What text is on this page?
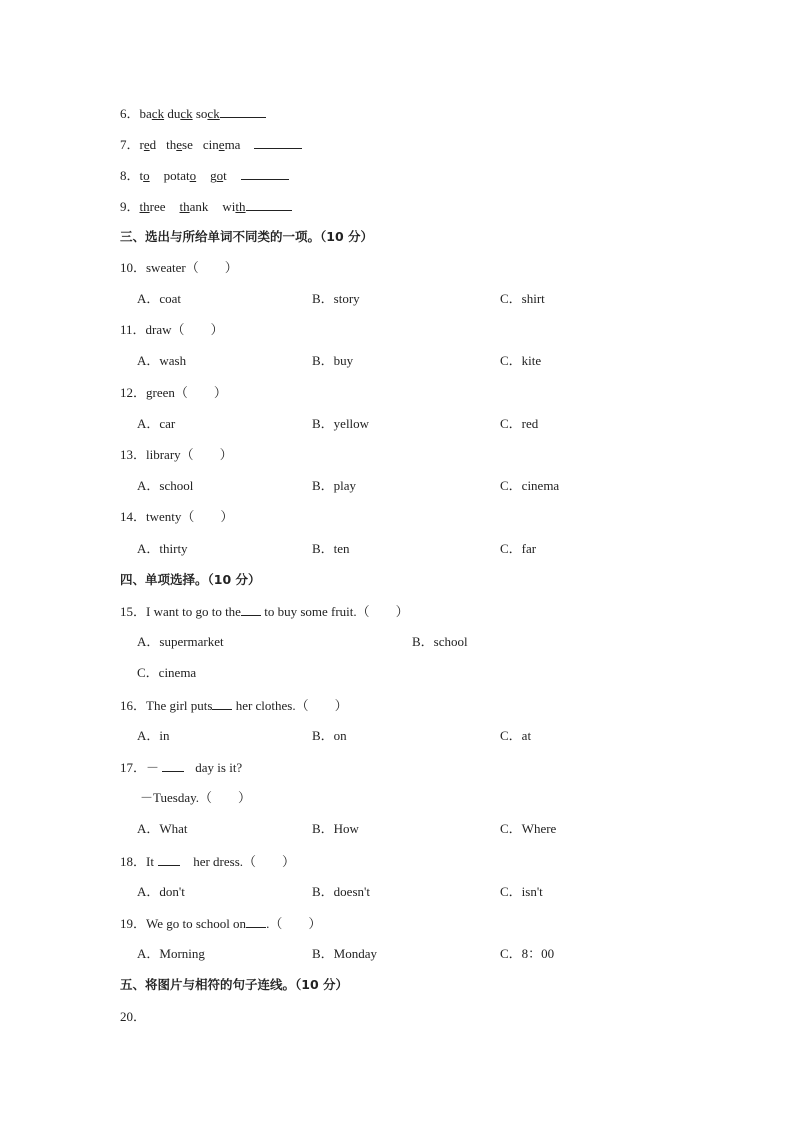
6．back duck sock
7．red these cinema
8．to potato got
9．three thank with
三、选出与所给单词不同类的一项。（10 分）
10．sweater（　　）
A．coat	B．story	C．shirt
11．draw（　　）
A．wash	B．buy	C．kite
12．green（　　）
A．car	B．yellow	C．red
13．library（　　）
A．school	B．play	C．cinema
14．twenty（　　）
A．thirty	B．ten	C．far
四、单项选择。（10 分）
15．I want to go to the to buy some fruit.（　　）
A．supermarket	B．school
C．cinema
16．The girl puts her clothes.（　　）
A．in	B．on	C．at
17．－	day is it?
－Tuesday.（　　）
A．What	B．How	C．Where
18．It	her dress.（　　）
A．don't	B．doesn't	C．isn't
19．We go to school on .（　　）
A．Morning	B．Monday	C．8：00
五、将图片与相符的句子连线。（10 分）
20．
